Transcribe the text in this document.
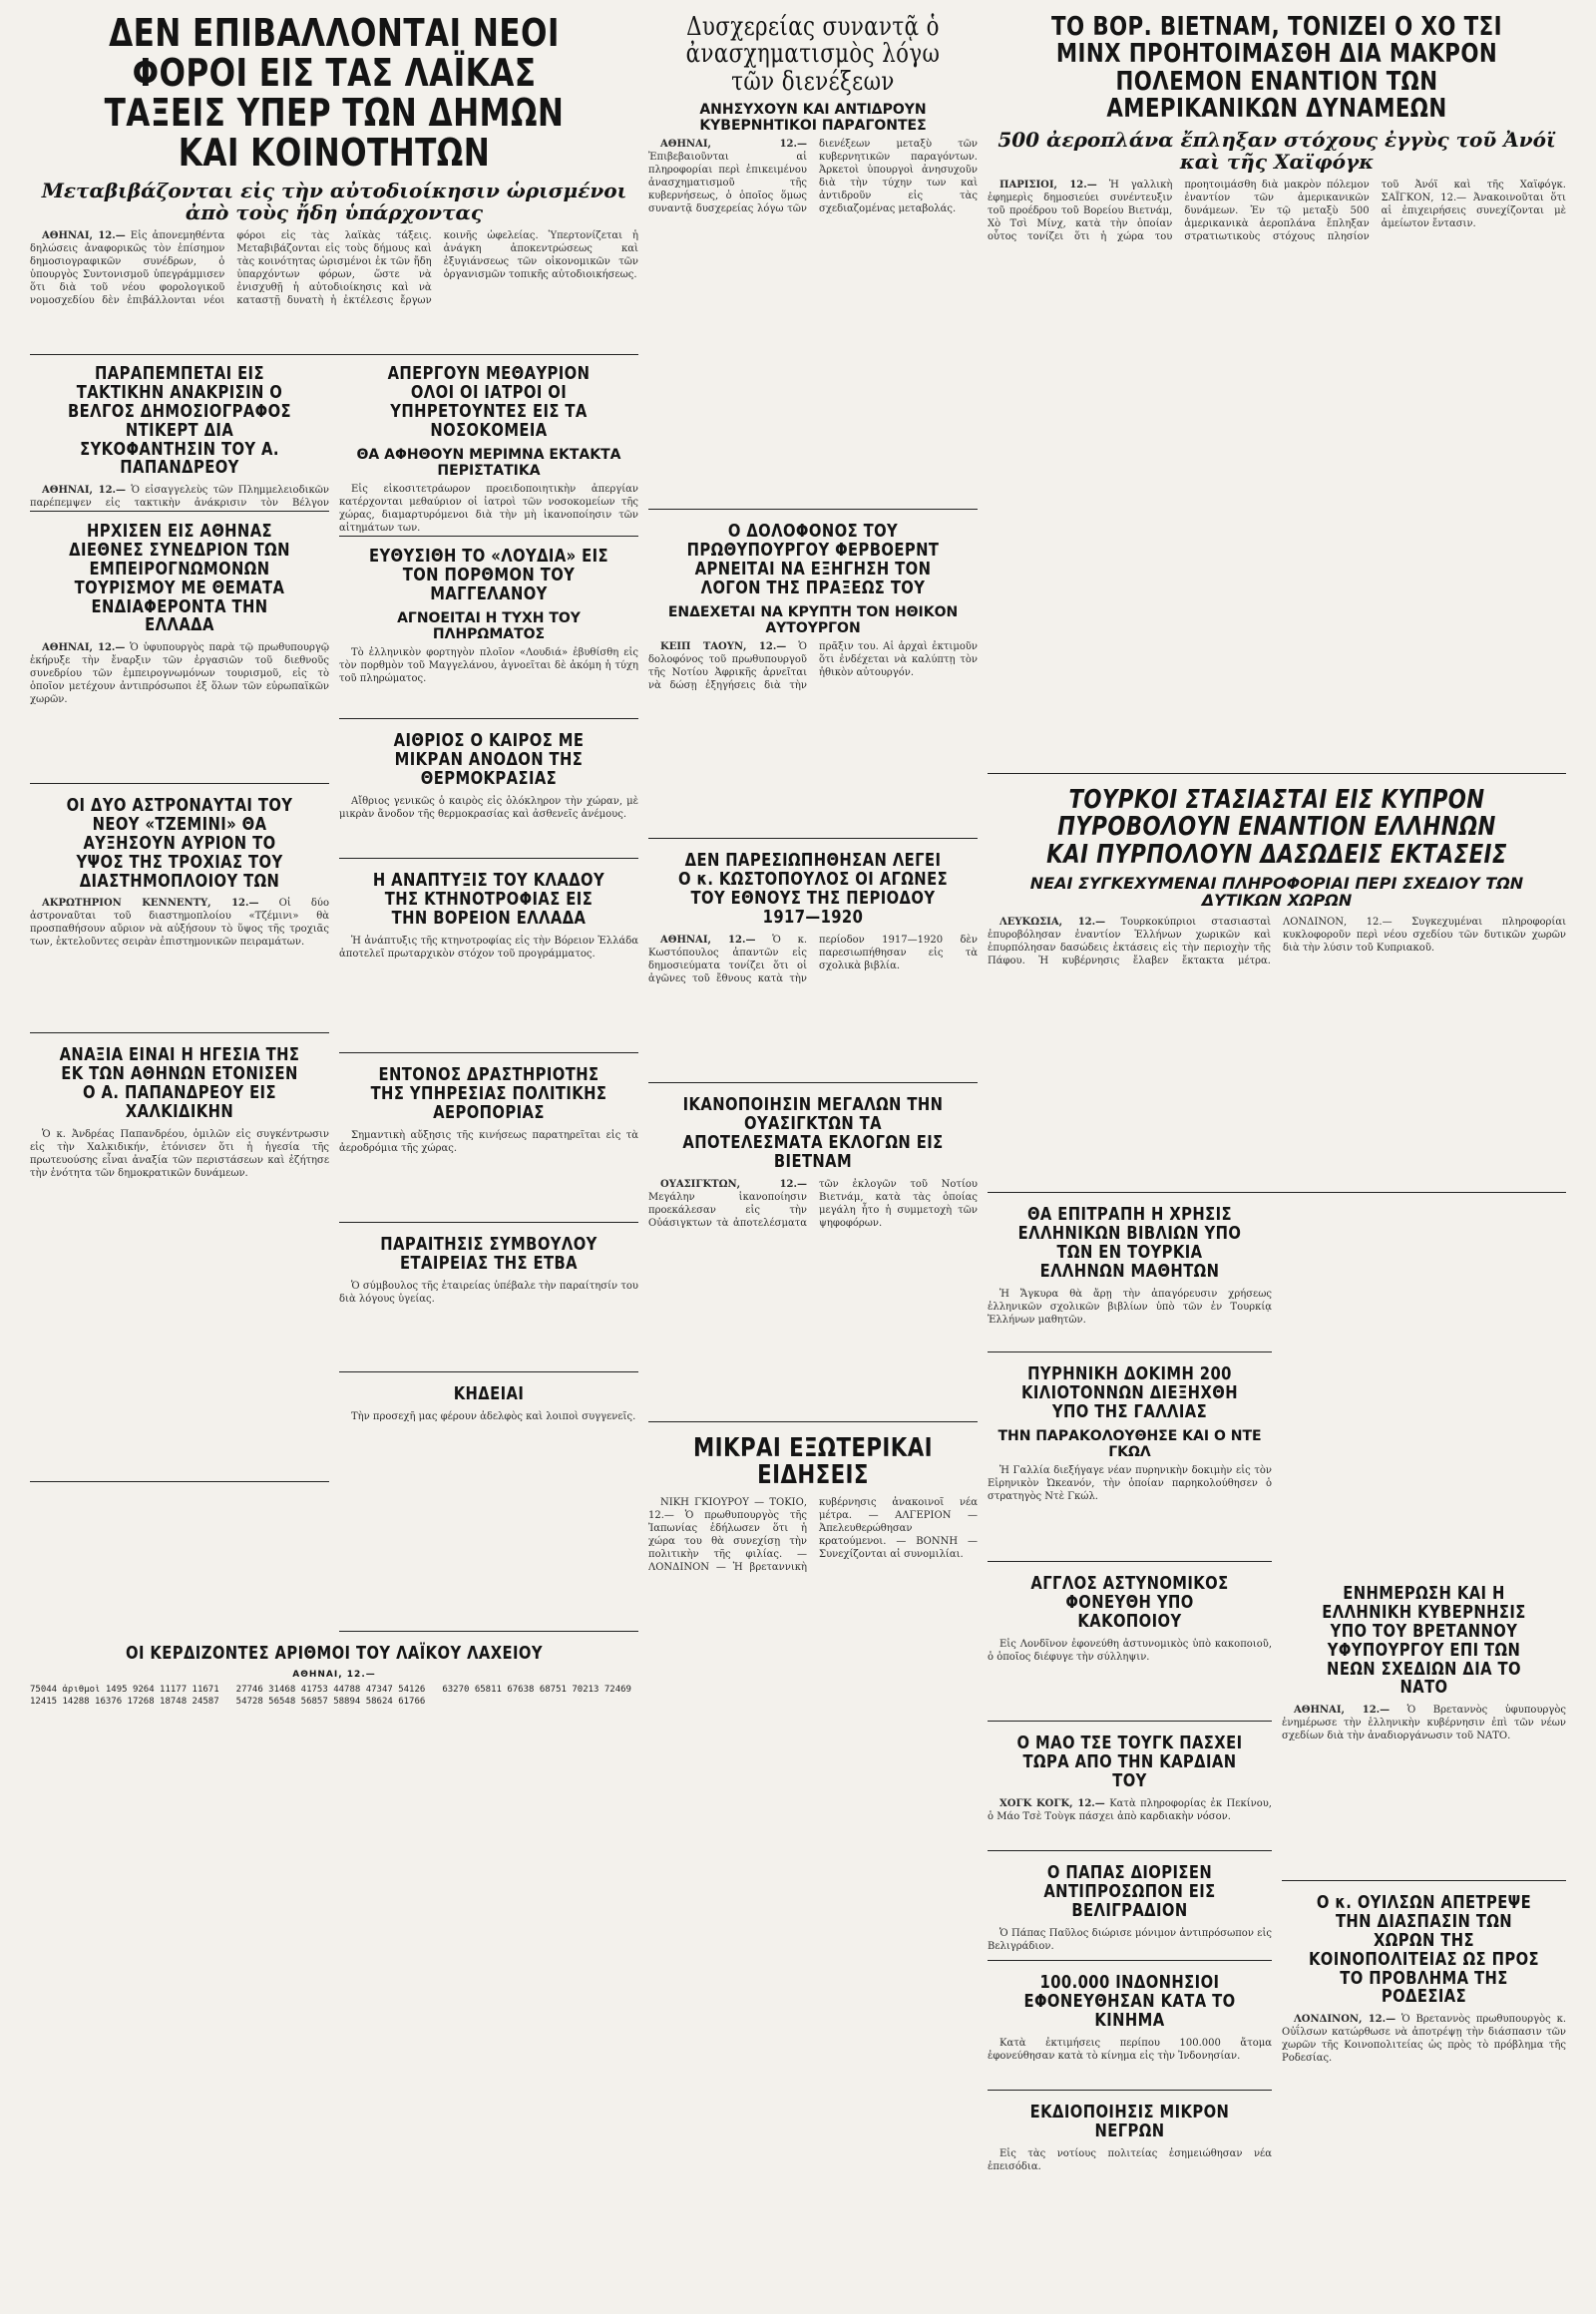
ΔΕΝ ΕΠΙΒΑΛΛΟΝΤΑΙ ΝΕΟΙ ΦΟΡΟΙ ΕΙΣ ΤΑΣ ΛΑΪΚΑΣ ΤΑΞΕΙΣ ΥΠΕΡ ΤΩΝ ΔΗΜΩΝ ΚΑΙ ΚΟΙΝΟΤΗΤΩΝ
Μεταβιβάζονται εἰς τὴν αὐτοδιοίκησιν ὡρισμένοι ἀπὸ τοὺς ἤδη ὑπάρχοντας

ΑΘΗΝΑΙ, 12.— Εἰς ἀπονεμηθέντα δηλώσεις ἀναφορικῶς τὸν ἐπίσημον δημοσιογραφικῶν συνέδρων, ὁ ὑπουργὸς Συντονισμοῦ ὑπεγράμμισεν ὅτι διὰ τοῦ νέου φορολογικοῦ νομοσχεδίου δὲν ἐπιβάλλονται νέοι φόροι εἰς τὰς λαϊκὰς τάξεις. Μεταβιβάζονται εἰς τοὺς δήμους καὶ τὰς κοινότητας ὡρισμένοι ἐκ τῶν ἤδη ὑπαρχόντων φόρων, ὥστε νὰ ἐνισχυθῇ ἡ αὐτοδιοίκησις καὶ νὰ καταστῇ δυνατὴ ἡ ἐκτέλεσις ἔργων κοινῆς ὠφελείας. Ὑπερτονίζεται ἡ ἀνάγκη ἀποκεντρώσεως καὶ ἐξυγιάνσεως τῶν οἰκονομικῶν τῶν ὀργανισμῶν τοπικῆς αὐτοδιοικήσεως.

ΠΑΡΑΠΕΜΠΕΤΑΙ ΕΙΣ ΤΑΚΤΙΚΗΝ ΑΝΑΚΡΙΣΙΝ Ο ΒΕΛΓΟΣ ΔΗΜΟΣΙΟΓΡΑΦΟΣ ΝΤΙΚΕΡΤ ΔΙΑ ΣΥΚΟΦΑΝΤΗΣΙΝ ΤΟΥ Α. ΠΑΠΑΝΔΡΕΟΥ

ΑΘΗΝΑΙ, 12.— Ὁ εἰσαγγελεὺς τῶν Πλημμελειοδικῶν παρέπεμψεν εἰς τακτικὴν ἀνάκρισιν τὸν Βέλγον

ΑΠΕΡΓΟΥΝ ΜΕΘΑΥΡΙΟΝ ΟΛΟΙ ΟΙ ΙΑΤΡΟΙ ΟΙ ΥΠΗΡΕΤΟΥΝΤΕΣ ΕΙΣ ΤΑ ΝΟΣΟΚΟΜΕΙΑ
ΘΑ ΑΦΗΘΟΥΝ ΜΕΡΙΜΝΑ ΕΚΤΑΚΤΑ ΠΕΡΙΣΤΑΤΙΚΑ

Εἰς εἰκοσιτετράωρον προειδοποιητικὴν ἀπεργίαν κατέρχονται μεθαύριον οἱ ἰατροὶ τῶν νοσοκομείων τῆς χώρας, διαμαρτυρόμενοι διὰ τὴν μὴ ἱκανοποίησιν τῶν αἰτημάτων των.

ΗΡΧΙΣΕΝ ΕΙΣ ΑΘΗΝΑΣ ΔΙΕΘΝΕΣ ΣΥΝΕΔΡΙΟΝ ΤΩΝ ΕΜΠΕΙΡΟΓΝΩΜΟΝΩΝ ΤΟΥΡΙΣΜΟΥ ΜΕ ΘΕΜΑΤΑ ΕΝΔΙΑΦΕΡΟΝΤΑ ΤΗΝ ΕΛΛΑΔΑ

ΑΘΗΝΑΙ, 12.— Ὁ ὑφυπουργὸς παρὰ τῷ πρωθυπουργῷ ἐκήρυξε τὴν ἔναρξιν τῶν ἐργασιῶν τοῦ διεθνοῦς συνεδρίου τῶν ἐμπειρογνωμόνων τουρισμοῦ, εἰς τὸ ὁποῖον μετέχουν ἀντιπρόσωποι ἐξ ὅλων τῶν εὐρωπαϊκῶν χωρῶν.

ΕΥΘΥΣΙΘΗ ΤΟ «ΛΟΥΔΙΑ» ΕΙΣ ΤΟΝ ΠΟΡΘΜΟΝ ΤΟΥ ΜΑΓΓΕΛΑΝΟΥ
ΑΓΝΟΕΙΤΑΙ Η ΤΥΧΗ ΤΟΥ ΠΛΗΡΩΜΑΤΟΣ

Τὸ ἐλληνικὸν φορτηγὸν πλοῖον «Λουδιά» ἐβυθίσθη εἰς τὸν πορθμὸν τοῦ Μαγγελάνου, ἀγνοεῖται δὲ ἀκόμη ἡ τύχη τοῦ πληρώματος.

ΟΙ ΔΥΟ ΑΣΤΡΟΝΑΥΤΑΙ ΤΟΥ ΝΕΟΥ «ΤΖΕΜΙΝΙ» ΘΑ ΑΥΞΗΣΟΥΝ ΑΥΡΙΟΝ ΤΟ ΥΨΟΣ ΤΗΣ ΤΡΟΧΙΑΣ ΤΟΥ ΔΙΑΣΤΗΜΟΠΛΟΙΟΥ ΤΩΝ

ΑΚΡΩΤΗΡΙΟΝ ΚΕΝΝΕΝΤΥ, 12.— Οἱ δύο ἀστροναῦται τοῦ διαστημοπλοίου «Τζέμινι» θὰ προσπαθήσουν αὔριον νὰ αὐξήσουν τὸ ὕψος τῆς τροχιᾶς των, ἐκτελοῦντες σειρὰν ἐπιστημονικῶν πειραμάτων.

ΑΙΘΡΙΟΣ Ο ΚΑΙΡΟΣ ΜΕ ΜΙΚΡΑΝ ΑΝΟΔΟΝ ΤΗΣ ΘΕΡΜΟΚΡΑΣΙΑΣ

Αἴθριος γενικῶς ὁ καιρὸς εἰς ὁλόκληρον τὴν χώραν, μὲ μικρὰν ἄνοδον τῆς θερμοκρασίας καὶ ἀσθενεῖς ἀνέμους.

ΑΝΑΞΙΑ ΕΙΝΑΙ Η ΗΓΕΣΙΑ ΤΗΣ ΕΚ ΤΩΝ ΑΘΗΝΩΝ ΕΤΟΝΙΣΕΝ Ο Α. ΠΑΠΑΝΔΡΕΟΥ ΕΙΣ ΧΑΛΚΙΔΙΚΗΝ

Ὁ κ. Ἀνδρέας Παπανδρέου, ὁμιλῶν εἰς συγκέντρωσιν εἰς τὴν Χαλκιδικήν, ἐτόνισεν ὅτι ἡ ἡγεσία τῆς πρωτευούσης εἶναι ἀναξία τῶν περιστάσεων καὶ ἐζήτησε τὴν ἐνότητα τῶν δημοκρατικῶν δυνάμεων.

Η ΑΝΑΠΤΥΞΙΣ ΤΟΥ ΚΛΑΔΟΥ ΤΗΣ ΚΤΗΝΟΤΡΟΦΙΑΣ ΕΙΣ ΤΗΝ ΒΟΡΕΙΟΝ ΕΛΛΑΔΑ

Ἡ ἀνάπτυξις τῆς κτηνοτροφίας εἰς τὴν Βόρειον Ἑλλάδα ἀποτελεῖ πρωταρχικὸν στόχον τοῦ προγράμματος.

ΕΝΤΟΝΟΣ ΔΡΑΣΤΗΡΙΟΤΗΣ ΤΗΣ ΥΠΗΡΕΣΙΑΣ ΠΟΛΙΤΙΚΗΣ ΑΕΡΟΠΟΡΙΑΣ

Σημαντικὴ αὔξησις τῆς κινήσεως παρατηρεῖται εἰς τὰ ἀεροδρόμια τῆς χώρας.

ΠΑΡΑΙΤΗΣΙΣ ΣΥΜΒΟΥΛΟΥ ΕΤΑΙΡΕΙΑΣ ΤΗΣ ΕΤΒΑ

Ὁ σύμβουλος τῆς ἑταιρείας ὑπέβαλε τὴν παραίτησίν του διὰ λόγους ὑγείας.

ΚΗΔΕΙΑΙ

Τὴν προσεχῆ μας φέρουν ἀδελφὸς καὶ λοιποὶ συγγενεῖς.

ΟΙ ΚΕΡΔΙΖΟΝΤΕΣ ΑΡΙΘΜΟΙ ΤΟΥ ΛΑΪΚΟΥ ΛΑΧΕΙΟΥ
ΑΘΗΝΑΙ, 12.—
75044 ἀριθμοὶ 1495 9264 11177 11671 12415 14288 16376 17268 18748 24587 27746 31468 41753 44788 47347 54126 54728 56548 56857 58894 58624 61766 63270 65811 67638 68751 70213 72469
Δυσχερείας συναντᾷ ὁ ἀνασχηματισμὸς λόγω τῶν διενέξεων
ΑΝΗΣΥΧΟΥΝ ΚΑΙ ΑΝΤΙΔΡΟΥΝ ΚΥΒΕΡΝΗΤΙΚΟΙ ΠΑΡΑΓΟΝΤΕΣ

ΑΘΗΝΑΙ, 12.— Ἐπιβεβαιοῦνται αἱ πληροφορίαι περὶ ἐπικειμένου ἀνασχηματισμοῦ τῆς κυβερνήσεως, ὁ ὁποῖος ὅμως συναντᾷ δυσχερείας λόγω τῶν διενέξεων μεταξὺ τῶν κυβερνητικῶν παραγόντων. Ἀρκετοὶ ὑπουργοὶ ἀνησυχοῦν διὰ τὴν τύχην των καὶ ἀντιδροῦν εἰς τὰς σχεδιαζομένας μεταβολάς.

Ο ΔΟΛΟΦΟΝΟΣ ΤΟΥ ΠΡΩΘΥΠΟΥΡΓΟΥ ΦΕΡΒΟΕΡΝΤ ΑΡΝΕΙΤΑΙ ΝΑ ΕΞΗΓΗΣΗ ΤΟΝ ΛΟΓΟΝ ΤΗΣ ΠΡΑΞΕΩΣ ΤΟΥ
ΕΝΔΕΧΕΤΑΙ ΝΑ ΚΡΥΠΤΗ ΤΟΝ ΗΘΙΚΟΝ ΑΥΤΟΥΡΓΟΝ

ΚΕΙΠ ΤΑΟΥΝ, 12.— Ὁ δολοφόνος τοῦ πρωθυπουργοῦ τῆς Νοτίου Ἀφρικῆς ἀρνεῖται νὰ δώσῃ ἐξηγήσεις διὰ τὴν πρᾶξιν του. Αἱ ἀρχαὶ ἐκτιμοῦν ὅτι ἐνδέχεται νὰ καλύπτῃ τὸν ἠθικὸν αὐτουργόν.

ΔΕΝ ΠΑΡΕΣΙΩΠΗΘΗΣΑΝ ΛΕΓΕΙ Ο κ. ΚΩΣΤΟΠΟΥΛΟΣ ΟΙ ΑΓΩΝΕΣ ΤΟΥ ΕΘΝΟΥΣ ΤΗΣ ΠΕΡΙΟΔΟΥ 1917—1920

ΑΘΗΝΑΙ, 12.— Ὁ κ. Κωστόπουλος ἀπαντῶν εἰς δημοσιεύματα τονίζει ὅτι οἱ ἀγῶνες τοῦ ἔθνους κατὰ τὴν περίοδον 1917—1920 δὲν παρεσιωπήθησαν εἰς τὰ σχολικὰ βιβλία.

ΙΚΑΝΟΠΟΙΗΣΙΝ ΜΕΓΑΛΩΝ ΤΗΝ ΟΥΑΣΙΓΚΤΩΝ ΤΑ ΑΠΟΤΕΛΕΣΜΑΤΑ ΕΚΛΟΓΩΝ ΕΙΣ ΒΙΕΤΝΑΜ

ΟΥΑΣΙΓΚΤΩΝ, 12.— Μεγάλην ἱκανοποίησιν προεκάλεσαν εἰς τὴν Οὐάσιγκτων τὰ ἀποτελέσματα τῶν ἐκλογῶν τοῦ Νοτίου Βιετνάμ, κατὰ τὰς ὁποίας μεγάλη ἦτο ἡ συμμετοχὴ τῶν ψηφοφόρων.

ΜΙΚΡΑΙ ΕΞΩΤΕΡΙΚΑΙ ΕΙΔΗΣΕΙΣ

ΝΙΚΗ ΓΚΙΟΥΡΟΥ — ΤΟΚΙΟ, 12.— Ὁ πρωθυπουργὸς τῆς Ἰαπωνίας ἐδήλωσεν ὅτι ἡ χώρα του θὰ συνεχίσῃ τὴν πολιτικὴν τῆς φιλίας. — ΛΟΝΔΙΝΟΝ — Ἡ βρεταννικὴ κυβέρνησις ἀνακοινοῖ νέα μέτρα. — ΑΛΓΕΡΙΟΝ — Ἀπελευθερώθησαν κρατούμενοι. — ΒΟΝΝΗ — Συνεχίζονται αἱ συνομιλίαι.

ΤΟ ΒΟΡ. ΒΙΕΤΝΑΜ, ΤΟΝΙΖΕΙ Ο ΧΟ ΤΣΙ ΜΙΝΧ ΠΡΟΗΤΟΙΜΑΣΘΗ ΔΙΑ ΜΑΚΡΟΝ ΠΟΛΕΜΟΝ ΕΝΑΝΤΙΟΝ ΤΩΝ ΑΜΕΡΙΚΑΝΙΚΩΝ ΔΥΝΑΜΕΩΝ
500 ἀεροπλάνα ἔπληξαν στόχους ἐγγὺς τοῦ Ἀνόϊ καὶ τῆς Χαϊφόγκ

ΠΑΡΙΣΙΟΙ, 12.— Ἡ γαλλικὴ ἐφημερὶς δημοσιεύει συνέντευξιν τοῦ προέδρου τοῦ Βορείου Βιετνάμ, Χὸ Τσὶ Μίνχ, κατὰ τὴν ὁποίαν οὗτος τονίζει ὅτι ἡ χώρα του προητοιμάσθη διὰ μακρὸν πόλεμον ἐναντίον τῶν ἀμερικανικῶν δυνάμεων. Ἐν τῷ μεταξὺ 500 ἀμερικανικὰ ἀεροπλάνα ἔπληξαν στρατιωτικοὺς στόχους πλησίον τοῦ Ἀνόϊ καὶ τῆς Χαϊφόγκ. ΣΑΪΓΚΟΝ, 12.— Ἀνακοινοῦται ὅτι αἱ ἐπιχειρήσεις συνεχίζονται μὲ ἀμείωτον ἔντασιν.

ΤΟΥΡΚΟΙ ΣΤΑΣΙΑΣΤΑΙ ΕΙΣ ΚΥΠΡΟΝ ΠΥΡΟΒΟΛΟΥΝ ΕΝΑΝΤΙΟΝ ΕΛΛΗΝΩΝ ΚΑΙ ΠΥΡΠΟΛΟΥΝ ΔΑΣΩΔΕΙΣ ΕΚΤΑΣΕΙΣ
ΝΕΑΙ ΣΥΓΚΕΧΥΜΕΝΑΙ ΠΛΗΡΟΦΟΡΙΑΙ ΠΕΡΙ ΣΧΕΔΙΟΥ ΤΩΝ ΔΥΤΙΚΩΝ ΧΩΡΩΝ

ΛΕΥΚΩΣΙΑ, 12.— Τουρκοκύπριοι στασιασταὶ ἐπυροβόλησαν ἐναντίον Ἑλλήνων χωρικῶν καὶ ἐπυρπόλησαν δασώδεις ἐκτάσεις εἰς τὴν περιοχὴν τῆς Πάφου. Ἡ κυβέρνησις ἔλαβεν ἔκτακτα μέτρα. ΛΟΝΔΙΝΟΝ, 12.— Συγκεχυμέναι πληροφορίαι κυκλοφοροῦν περὶ νέου σχεδίου τῶν δυτικῶν χωρῶν διὰ τὴν λύσιν τοῦ Κυπριακοῦ.

ΘΑ ΕΠΙΤΡΑΠΗ Η ΧΡΗΣΙΣ ΕΛΛΗΝΙΚΩΝ ΒΙΒΛΙΩΝ ΥΠΟ ΤΩΝ ΕΝ ΤΟΥΡΚΙΑ ΕΛΛΗΝΩΝ ΜΑΘΗΤΩΝ

Ἡ Ἄγκυρα θὰ ἄρῃ τὴν ἀπαγόρευσιν χρήσεως ἑλληνικῶν σχολικῶν βιβλίων ὑπὸ τῶν ἐν Τουρκίᾳ Ἑλλήνων μαθητῶν.

ΠΥΡΗΝΙΚΗ ΔΟΚΙΜΗ 200 ΚΙΛΙΟΤΟΝΝΩΝ ΔΙΕΞΗΧΘΗ ΥΠΟ ΤΗΣ ΓΑΛΛΙΑΣ
ΤΗΝ ΠΑΡΑΚΟΛΟΥΘΗΣΕ ΚΑΙ Ο ΝΤΕ ΓΚΩΛ

Ἡ Γαλλία διεξήγαγε νέαν πυρηνικὴν δοκιμὴν εἰς τὸν Εἰρηνικὸν Ὠκεανόν, τὴν ὁποίαν παρηκολούθησεν ὁ στρατηγὸς Ντὲ Γκώλ.

ΑΓΓΛΟΣ ΑΣΤΥΝΟΜΙΚΟΣ ΦΟΝΕΥΘΗ ΥΠΟ ΚΑΚΟΠΟΙΟΥ

Εἰς Λονδῖνον ἐφονεύθη ἀστυνομικὸς ὑπὸ κακοποιοῦ, ὁ ὁποῖος διέφυγε τὴν σύλληψιν.

Ο ΜΑΟ ΤΣΕ ΤΟΥΓΚ ΠΑΣΧΕΙ ΤΩΡΑ ΑΠΟ ΤΗΝ ΚΑΡΔΙΑΝ ΤΟΥ

ΧΟΓΚ ΚΟΓΚ, 12.— Κατὰ πληροφορίας ἐκ Πεκίνου, ὁ Μάο Τσὲ Τοὺγκ πάσχει ἀπὸ καρδιακὴν νόσον.

ΕΝΗΜΕΡΩΣΗ ΚΑΙ Η ΕΛΛΗΝΙΚΗ ΚΥΒΕΡΝΗΣΙΣ ΥΠΟ ΤΟΥ ΒΡΕΤΑΝΝΟΥ ΥΦΥΠΟΥΡΓΟΥ ΕΠΙ ΤΩΝ ΝΕΩΝ ΣΧΕΔΙΩΝ ΔΙΑ ΤΟ ΝΑΤΟ

ΑΘΗΝΑΙ, 12.— Ὁ Βρεταννὸς ὑφυπουργὸς ἐνημέρωσε τὴν ἑλληνικὴν κυβέρνησιν ἐπὶ τῶν νέων σχεδίων διὰ τὴν ἀναδιοργάνωσιν τοῦ ΝΑΤΟ.

Ο ΠΑΠΑΣ ΔΙΟΡΙΣΕΝ ΑΝΤΙΠΡΟΣΩΠΟΝ ΕΙΣ ΒΕΛΙΓΡΑΔΙΟΝ

Ὁ Πάπας Παῦλος διώρισε μόνιμον ἀντιπρόσωπον εἰς Βελιγράδιον.

100.000 ΙΝΔΟΝΗΣΙΟΙ ΕΦΟΝΕΥΘΗΣΑΝ ΚΑΤΑ ΤΟ ΚΙΝΗΜΑ

Κατὰ ἐκτιμήσεις περίπου 100.000 ἄτομα ἐφονεύθησαν κατὰ τὸ κίνημα εἰς τὴν Ἰνδονησίαν.

ΕΚΔΙΟΠΟΙΗΣΙΣ ΜΙΚΡΟΝ ΝΕΓΡΩΝ

Εἰς τὰς νοτίους πολιτείας ἐσημειώθησαν νέα ἐπεισόδια.

Ο κ. ΟΥΙΛΣΩΝ ΑΠΕΤΡΕΨΕ ΤΗΝ ΔΙΑΣΠΑΣΙΝ ΤΩΝ ΧΩΡΩΝ ΤΗΣ ΚΟΙΝΟΠΟΛΙΤΕΙΑΣ ΩΣ ΠΡΟΣ ΤΟ ΠΡΟΒΛΗΜΑ ΤΗΣ ΡΟΔΕΣΙΑΣ

ΛΟΝΔΙΝΟΝ, 12.— Ὁ Βρεταννὸς πρωθυπουργὸς κ. Οὐΐλσων κατώρθωσε νὰ ἀποτρέψῃ τὴν διάσπασιν τῶν χωρῶν τῆς Κοινοπολιτείας ὡς πρὸς τὸ πρόβλημα τῆς Ροδεσίας.
